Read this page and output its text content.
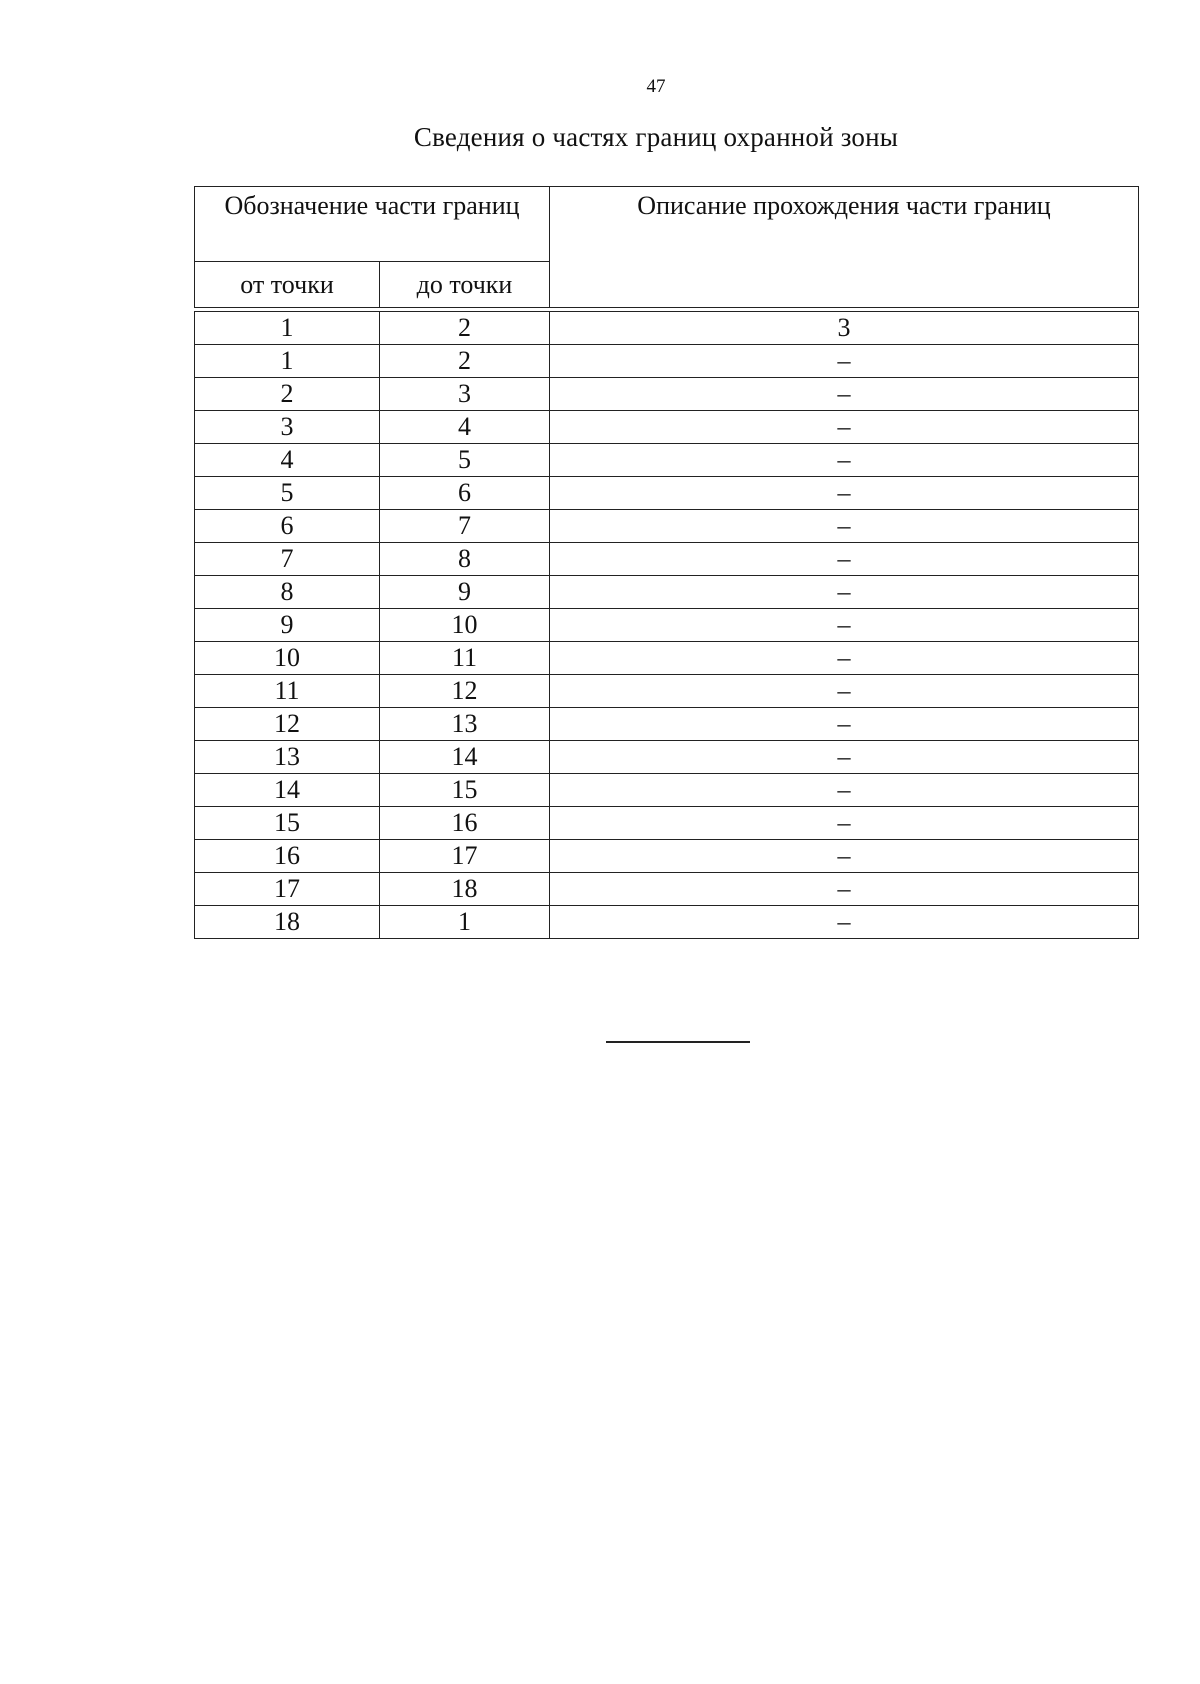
47
Сведения о частях границ охранной зоны
Обозначение части границ		Описание прохождения части границ
от точки	до точки	
1	2	3
1	2	–
2	3	–
3	4	–
4	5	–
5	6	–
6	7	–
7	8	–
8	9	–
9	10	–
10	11	–
11	12	–
12	13	–
13	14	–
14	15	–
15	16	–
16	17	–
17	18	–
18	1	–
